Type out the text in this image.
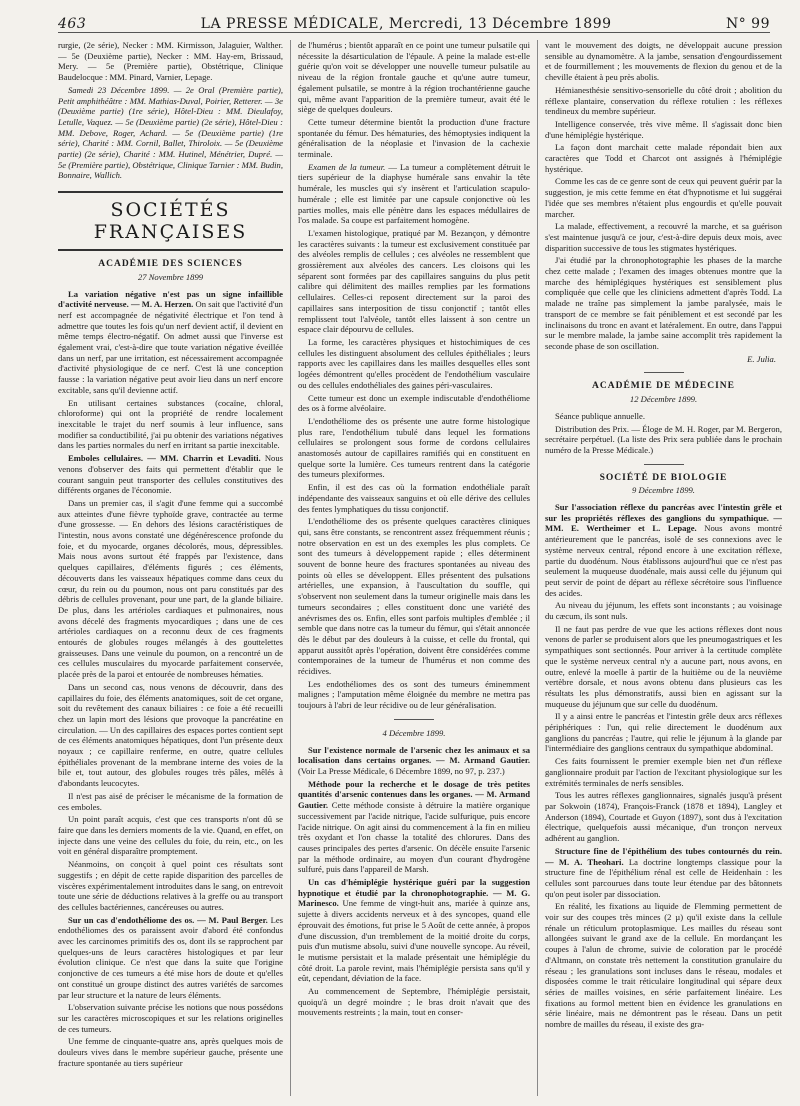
463	LA PRESSE MÉDICALE, Mercredi, 13 Décembre 1899	N° 99

rurgie, (2e série), Necker : MM. Kirmisson, Jalaguier, Walther. — 5e (Deuxième partie), Necker : MM. Hay-em, Brissaud, Mery. — 5e (Première partie), Obstétrique, Clinique Baudelocque : MM. Pinard, Varnier, Lepage.

Samedi 23 Décembre 1899. — 2e Oral (Première partie), Petit amphithéâtre : MM. Mathias-Duval, Poirier, Retterer. — 3e (Deuxième partie) (1re série), Hôtel-Dieu : MM. Dieulafoy, Letulle, Vaquez. — 5e (Deuxième partie) (2e série), Hôtel-Dieu : MM. Debove, Roger, Achard. — 5e (Deuxième partie) (1re série), Charité : MM. Cornil, Ballet, Thiroloix. — 5e (Deuxième partie) (2e série), Charité : MM. Hutinel, Ménétrier, Dupré. — 5e (Première partie), Obstétrique, Clinique Tarnier : MM. Budin, Bonnaire, Wallich.

SOCIÉTÉS FRANÇAISES

ACADÉMIE DES SCIENCES

27 Novembre 1899

La variation négative n'est pas un signe infaillible d'activité nerveuse. — M. A. Herzen. On sait que l'activité d'un nerf est accompagnée de négativité électrique et l'on tend à admettre que toutes les fois qu'un nerf devient actif, il devient en même temps électro-négatif. On admet aussi que l'inverse est également vrai, c'est-à-dire que toute variation négative éveillée dans un nerf, par une irritation, est nécessairement accompagnée d'activité physiologique de ce nerf. C'est là une conception fausse : la variation négative peut avoir lieu dans un nerf encore excitable, sans qu'il devienne actif.

En utilisant certaines substances (cocaïne, chloral, chloroforme) qui ont la propriété de rendre localement inexcitable le trajet du nerf soumis à leur influence, sans modifier sa conductibilité, j'ai pu obtenir des variations négatives dans les parties normales du nerf en irritant sa partie inexcitable.

Emboles cellulaires. — MM. Charrin et Levaditi. Nous venons d'observer des faits qui permettent d'établir que le courant sanguin peut transporter des cellules constitutives des différents organes de l'économie.

Dans un premier cas, il s'agit d'une femme qui a succombé aux atteintes d'une fièvre typhoïde grave, contractée au terme d'une grossesse. — En dehors des lésions caractéristiques de l'intestin, nous avons constaté une dégénérescence profonde du foie, et du myocarde, organes décolorés, mous, dépressibles. Mais nous avons surtout été frappés par l'existence, dans quelques capillaires, d'éléments figurés ; ces éléments, découverts dans les vaisseaux hépatiques comme dans ceux du cœur, du rein ou du poumon, nous ont paru constitués par des débris de cellules provenant, pour une part, de la glande biliaire. De plus, dans les artérioles cardiaques et pulmonaires, nous avons décelé des fragments myocardiques ; dans une de ces artérioles cardiaques on a reconnu deux de ces fragments entourés de globules rouges mélangés à des gouttelettes graisseuses. Dans une veinule du poumon, on a rencontré un de ces cellules musculaires du myocarde parfaitement conservée, placée près de la paroi et entourée de nombreuses hématies.

Dans un second cas, nous venons de découvrir, dans des capillaires du foie, des éléments anatomiques, soit de cet organe, soit du revêtement des canaux biliaires : ce foie a été recueilli chez un lapin mort des lésions que provoque la pancréatine en circulation. — Un des capillaires des espaces portes contient sept de ces éléments anatomiques hépatiques, dont l'un présente deux noyaux ; ce capillaire renferme, en outre, quatre cellules épithéliales provenant de la membrane interne des voies de la bile et, tout autour, des globules rouges très pâles, mêlés à d'abondants leucocytes.

Il n'est pas aisé de préciser le mécanisme de la formation de ces emboles.

Un point paraît acquis, c'est que ces transports n'ont dû se faire que dans les derniers moments de la vie. Quand, en effet, on injecte dans une veine des cellules du foie, du rein, etc., on les voit en général disparaître promptement.

Néanmoins, on conçoit à quel point ces résultats sont suggestifs ; en dépit de cette rapide disparition des parcelles de viscères expérimentalement introduites dans le sang, on entrevoit toute une série de déductions relatives à la greffe ou au transport des cellules bactériennes, cancéreuses ou autres.

Sur un cas d'endothéliome des os. — M. Paul Berger. Les endothéliomes des os paraissent avoir d'abord été confondus avec les carcinomes primitifs des os, dont ils se rapprochent par quelques-uns de leurs caractères histologiques et par leur évolution clinique. Ce n'est que dans la suite que l'origine conjonctive de ces tumeurs a été mise hors de doute et qu'elles ont constitué un groupe distinct des autres variétés de sarcomes par leur structure et la nature de leurs éléments.

L'observation suivante précise les notions que nous possédons sur les caractères microscopiques et sur les relations originelles de ces tumeurs.

Une femme de cinquante-quatre ans, après quelques mois de douleurs vives dans le membre supérieur gauche, présente une fracture spontanée au tiers supérieur

de l'humérus ; bientôt apparaît en ce point une tumeur pulsatile qui nécessite la désarticulation de l'épaule. A peine la malade est-elle guérie qu'on voit se développer une nouvelle tumeur pulsatile au niveau de la région frontale gauche et qu'une autre tumeur, également pulsatile, se montre à la région trochantérienne gauche qui, même avant l'apparition de la première tumeur, avait été le siège de quelques douleurs.

Cette tumeur détermine bientôt la production d'une fracture spontanée du fémur. Des hématuries, des hémoptysies indiquent la généralisation de la néoplasie et l'invasion de la cachexie terminale.

Examen de la tumeur. — La tumeur a complètement détruit le tiers supérieur de la diaphyse humérale sans envahir la tête humérale, les muscles qui s'y insèrent et l'articulation scapulo-humérale ; elle est limitée par une capsule conjonctive où les parties molles, mais elle pénètre dans les espaces médullaires de l'os malade. Sa coupe est parfaitement homogène.

L'examen histologique, pratiqué par M. Bezançon, y démontre les caractères suivants : la tumeur est exclusivement constituée par des alvéoles remplis de cellules ; ces alvéoles ne ressemblent que grossièrement aux alvéoles des cancers. Les cloisons qui les séparent sont formées par des capillaires sanguins du plus petit calibre qui délimitent des mailles remplies par les formations cellulaires. Celles-ci reposent directement sur la paroi des capillaires sans interposition de tissu conjonctif ; tantôt elles remplissent tout l'alvéole, tantôt elles laissent à son centre un espace clair dépourvu de cellules.

La forme, les caractères physiques et histochimiques de ces cellules les distinguent absolument des cellules épithéliales ; leurs rapports avec les capillaires dans les mailles desquelles elles sont logées démontrent qu'elles procèdent de l'endothélium vasculaire ou des cellules endothéliales des gaines péri-vasculaires.

Cette tumeur est donc un exemple indiscutable d'endothéliome des os à forme alvéolaire.

L'endothéliome des os présente une autre forme histologique plus rare, l'endothélium tubulé dans lequel les formations cellulaires se prolongent sous forme de cordons cellulaires anastomosés autour de capillaires ramifiés qui en constituent en quelque sorte la lumière. Ces tumeurs rentrent dans la catégorie des tumeurs plexiformes.

Enfin, il est des cas où la formation endothéliale paraît indépendante des vaisseaux sanguins et où elle dérive des cellules des fentes lymphatiques du tissu conjonctif.

L'endothéliome des os présente quelques caractères cliniques qui, sans être constants, se rencontrent assez fréquemment réunis ; notre observation en est un des exemples les plus complets. Ce sont des tumeurs à développement rapide ; elles déterminent souvent de bonne heure des fractures spontanées au niveau des points où elles se développent. Elles présentent des pulsations artérielles, une expansion, à l'auscultation du souffle, qui s'observent non seulement dans la tumeur originelle mais dans les tumeurs secondaires ; elles constituent donc une variété des anévrismes des os. Enfin, elles sont parfois multiples d'emblée ; il semble que dans notre cas la tumeur du fémur, qui s'était annoncée dès le début par des douleurs à la cuisse, et celle du frontal, qui apparut aussitôt après l'opération, doivent être considérées comme contemporaines de la tumeur de l'humérus et non comme des récidives.

Les endothéliomes des os sont des tumeurs éminemment malignes ; l'amputation même éloignée du membre ne mettra pas toujours à l'abri de leur récidive ou de leur généralisation.

4 Décembre 1899.

Sur l'existence normale de l'arsenic chez les animaux et sa localisation dans certains organes. — M. Armand Gautier. (Voir La Presse Médicale, 6 Décembre 1899, no 97, p. 237.)

Méthode pour la recherche et le dosage de très petites quantités d'arsenic contenues dans les organes. — M. Armand Gautier. Cette méthode consiste à détruire la matière organique successivement par l'acide nitrique, l'acide sulfurique, puis encore l'acide nitrique. On agit ainsi du commencement à la fin en milieu très oxydant et l'on chasse la totalité des chlorures. Dans des causes principales des pertes d'arsenic. On décèle ensuite l'arsenic par la méthode ordinaire, au moyen d'un courant d'hydrogène sulfuré, puis dans l'appareil de Marsh.

Un cas d'hémiplégie hystérique guéri par la suggestion hypnotique et étudié par la chronophotographie. — M. G. Marinesco. Une femme de vingt-huit ans, mariée à quinze ans, sujette à divers accidents nerveux et à des syncopes, quand elle éprouvait des émotions, fut prise le 5 Août de cette année, à propos d'une discussion, d'un tremblement de la moitié droite du corps, puis d'un mutisme absolu, suivi d'une nouvelle syncope. Au réveil, le mutisme persistait et la malade présentait une hémiplégie du côté droit. La parole revint, mais l'hémiplégie persista sans qu'il y eût, cependant, déviation de la face.

Au commencement de Septembre, l'hémiplégie persistait, quoiqu'à un degré moindre ; le bras droit n'avait que des mouvements restreints ; la main, tout en conser-

vant le mouvement des doigts, ne développait aucune pression sensible au dynamomètre. A la jambe, sensation d'engourdissement et de fourmillement ; les mouvements de flexion du genou et de la cheville étaient à peu près abolis.

Hémianesthésie sensitivo-sensorielle du côté droit ; abolition du réflexe plantaire, conservation du réflexe rotulien : les réflexes tendineux du membre supérieur.

Intelligence conservée, très vive même. Il s'agissait donc bien d'une hémiplégie hystérique.

La façon dont marchait cette malade répondait bien aux caractères que Todd et Charcot ont assignés à l'hémiplégie hystérique.

Comme les cas de ce genre sont de ceux qui peuvent guérir par la suggestion, je mis cette femme en état d'hypnotisme et lui suggérai l'idée que ses membres n'étaient plus engourdis et qu'elle pouvait marcher.

La malade, effectivement, a recouvré la marche, et sa guérison s'est maintenue jusqu'à ce jour, c'est-à-dire depuis deux mois, avec disparition successive de tous les stigmates hystériques.

J'ai étudié par la chronophotographie les phases de la marche chez cette malade ; l'examen des images obtenues montre que la marche des hémiplégiques hystériques est sensiblement plus compliquée que celle que les cliniciens admettent d'après Todd. La malade ne traîne pas simplement la jambe paralysée, mais le transport de ce membre se fait péniblement et est secondé par les inclinaisons du tronc en avant et latéralement. En outre, dans l'appui sur le membre malade, la jambe saine accomplit très rapidement la seconde phase de son oscillation.

E. Julia.

ACADÉMIE DE MÉDECINE

12 Décembre 1899.

Séance publique annuelle.

Distribution des Prix. — Éloge de M. H. Roger, par M. Bergeron, secrétaire perpétuel. (La liste des Prix sera publiée dans le prochain numéro de la Presse Médicale.)

SOCIÉTÉ DE BIOLOGIE

9 Décembre 1899.

Sur l'association réflexe du pancréas avec l'intestin grêle et sur les propriétés réflexes des ganglions du sympathique. — MM. E. Wertheimer et L. Lepage. Nous avons montré antérieurement que le pancréas, isolé de ses connexions avec le système nerveux central, répond encore à une excitation réflexe, partie du duodénum. Nous établissons aujourd'hui que ce n'est pas seulement la muqueuse duodénale, mais aussi celle du jéjunum qui peut servir de point de départ au réflexe sécrétoire sous l'influence des acides.

Au niveau du jéjunum, les effets sont inconstants ; au voisinage du cæcum, ils sont nuls.

Il ne faut pas perdre de vue que les actions réflexes dont nous venons de parler se produisent alors que les pneumogastriques et les sympathiques sont sectionnés. Pour arriver à la certitude complète que le système nerveux central n'y a aucune part, nous avons, en outre, enlevé la moelle à partir de la huitième ou de la neuvième vertèbre dorsale, et nous avons obtenu dans plusieurs cas les résultats les plus démonstratifs, aussi bien en agissant sur la muqueuse du jéjunum que sur celle du duodénum.

Il y a ainsi entre le pancréas et l'intestin grêle deux arcs réflexes périphériques : l'un, qui relie directement le duodénum aux ganglions du pancréas ; l'autre, qui relie le jéjunum à la glande par l'intermédiaire des ganglions centraux du sympathique abdominal.

Ces faits fournissent le premier exemple bien net d'un réflexe ganglionnaire produit par l'action de l'excitant physiologique sur les extrémités terminales de nerfs sensibles.

Tous les autres réflexes ganglionnaires, signalés jusqu'à présent par Sokwoin (1874), François-Franck (1878 et 1894), Langley et Anderson (1894), Courtade et Guyon (1897), sont dus à l'excitation électrique, quelquefois aussi mécanique, d'un tronçon nerveux adhérent au ganglion.

Structure fine de l'épithélium des tubes contournés du rein. — M. A. Theohari. La doctrine longtemps classique pour la structure fine de l'épithélium rénal est celle de Heidenhain : les cellules sont parcourues dans toute leur étendue par des bâtonnets qu'on peut isoler par dissociation.

En réalité, les fixations au liquide de Flemming permettent de voir sur des coupes très minces (2 µ) qu'il existe dans la cellule rénale un réticulum protoplasmique. Les mailles du réseau sont allongées suivant le grand axe de la cellule. En mordançant les coupes à l'alun de chrome, suivie de coloration par le procédé d'Altmann, on constate très nettement la constitution granulaire du réseau ; les granulations sont incluses dans le réseau, modales et disposées comme le trait réticulaire longitudinal qui sépare deux séries de mailles voisines, en série parfaitement linéaire. Les fixations au formol mettent bien en évidence les granulations en série linéaire, mais ne démontrent pas le réseau. Dans un petit nombre de mailles du réseau, il existe des gra-
